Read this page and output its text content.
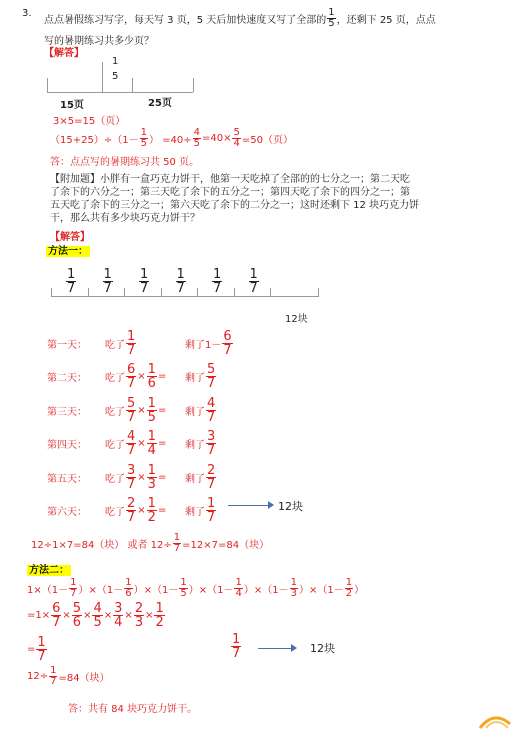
3.
点点暑假练习写字，每天写 3 页，5 天后加快速度又写了全部的 $\frac{1}{5}$ ，还剩下 25 页，点点
写的暑期练习共多少页？
【解答】
1
5
15页	25页
3×5=15（页）
$(15+25)\div(1- \frac{1}{5}$ ） $=40\div \frac{4}{5} =40\times \frac{5}{4} =50$（页）
答：点点写的暑期练习共 50 页。
【附加题】小胖有一盒巧克力饼干，他第一天吃掉了全部的的七分之一；第二天吃
了余下的六分之一；第三天吃了余下的五分之一；第四天吃了余下的四分之一；第
五天吃了余下的三分之一；第六天吃了余下的二分之一；这时还剩下 12 块巧克力饼
干，那么共有多少块巧克力饼干？
【解答】
方法一：
$\frac{1}{7} \frac{1}{7} \frac{1}{7} \frac{1}{7} \frac{1}{7} \frac{1}{7}$
12块
第一天：	吃了 $\frac{1}{7}$	剩了 $1- \frac{6}{7}$
第二天：	吃了 $\frac{6}{7} \times \frac{1}{6}$ = 剩了 $\frac{5}{7}$
第三天：	吃了 $\frac{5}{7} \times \frac{1}{5}$ = 剩了 $\frac{4}{7}$
第四天：	吃了 $\frac{4}{7} \times \frac{1}{4}$ = 剩了 $\frac{3}{7}$
第五天：	吃了 $\frac{3}{7} \times \frac{1}{3}$ = 剩了 $\frac{2}{7}$
第六天：	吃了 $\frac{2}{7} \times \frac{1}{2}$ = 剩了 $\frac{1}{7}$	12块
12÷1×7=84（块） 或者 $12\div \frac{1}{7} =12\times 7=84$（块）
方法二：
$1\times(1- \frac{1}{7} )\times(1- \frac{1}{6} )\times(1- \frac{1}{5} )\times(1- \frac{1}{4} )\times(1- \frac{1}{3} )\times(1- \frac{1}{2}$ ）
$=1\times \frac{6}{7} \times \frac{5}{6} \times \frac{4}{5} \times \frac{3}{4} \times \frac{2}{3} \times \frac{1}{2}$
= $\frac{1}{7}$	$\frac{1}{7}$	12块
$12\div \frac{1}{7} =84$（块）
答：共有 84 块巧克力饼干。
